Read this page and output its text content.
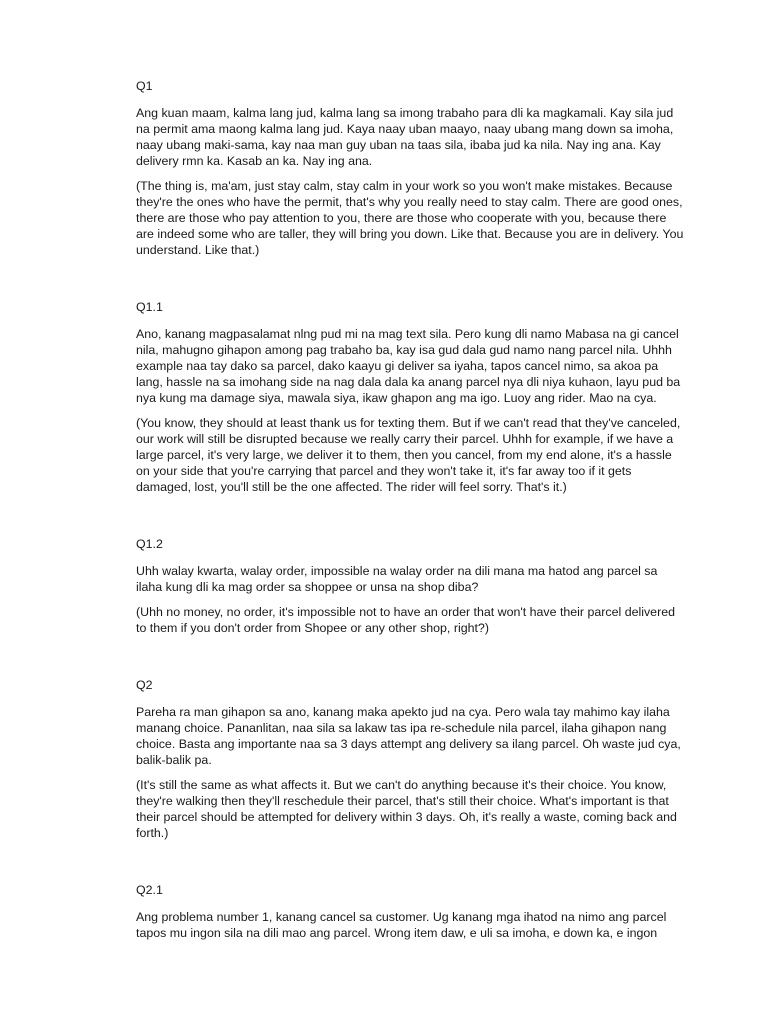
Q1

Ang kuan maam, kalma lang jud, kalma lang sa imong trabaho para dli ka magkamali. Kay sila jud na permit ama maong kalma lang jud. Kaya naay uban maayo, naay ubang mang down sa imoha, naay ubang maki-sama, kay naa man guy uban na taas sila, ibaba jud ka nila. Nay ing ana. Kay delivery rmn ka. Kasab an ka. Nay ing ana.

(The thing is, ma'am, just stay calm, stay calm in your work so you won't make mistakes. Because they're the ones who have the permit, that's why you really need to stay calm. There are good ones, there are those who pay attention to you, there are those who cooperate with you, because there are indeed some who are taller, they will bring you down. Like that. Because you are in delivery. You understand. Like that.)

Q1.1

Ano, kanang magpasalamat nlng pud mi na mag text sila. Pero kung dli namo Mabasa na gi cancel nila, mahugno gihapon among pag trabaho ba, kay isa gud dala gud namo nang parcel nila. Uhhh example naa tay dako sa parcel, dako kaayu gi deliver sa iyaha, tapos cancel nimo, sa akoa pa lang, hassle na sa imohang side na nag dala dala ka anang parcel nya dli niya kuhaon, layu pud ba nya kung ma damage siya, mawala siya, ikaw ghapon ang ma igo. Luoy ang rider. Mao na cya.

(You know, they should at least thank us for texting them. But if we can't read that they've canceled, our work will still be disrupted because we really carry their parcel. Uhhh for example, if we have a large parcel, it's very large, we deliver it to them, then you cancel, from my end alone, it's a hassle on your side that you're carrying that parcel and they won't take it, it's far away too if it gets damaged, lost, you'll still be the one affected. The rider will feel sorry. That's it.)

Q1.2

Uhh walay kwarta, walay order, impossible na walay order na dili mana ma hatod ang parcel sa ilaha kung dli ka mag order sa shoppee or unsa na shop diba?

(Uhh no money, no order, it's impossible not to have an order that won't have their parcel delivered to them if you don't order from Shopee or any other shop, right?)

Q2

Pareha ra man gihapon sa ano, kanang maka apekto jud na cya. Pero wala tay mahimo kay ilaha manang choice. Pananlitan, naa sila sa lakaw tas ipa re-schedule nila parcel, ilaha gihapon nang choice. Basta ang importante naa sa 3 days attempt ang delivery sa ilang parcel. Oh waste jud cya, balik-balik pa.

(It's still the same as what affects it. But we can't do anything because it's their choice. You know, they're walking then they'll reschedule their parcel, that's still their choice. What's important is that their parcel should be attempted for delivery within 3 days. Oh, it's really a waste, coming back and forth.)

Q2.1

Ang problema number 1, kanang cancel sa customer. Ug kanang mga ihatod na nimo ang parcel tapos mu ingon sila na dili mao ang parcel. Wrong item daw, e uli sa imoha, e down ka, e ingon
